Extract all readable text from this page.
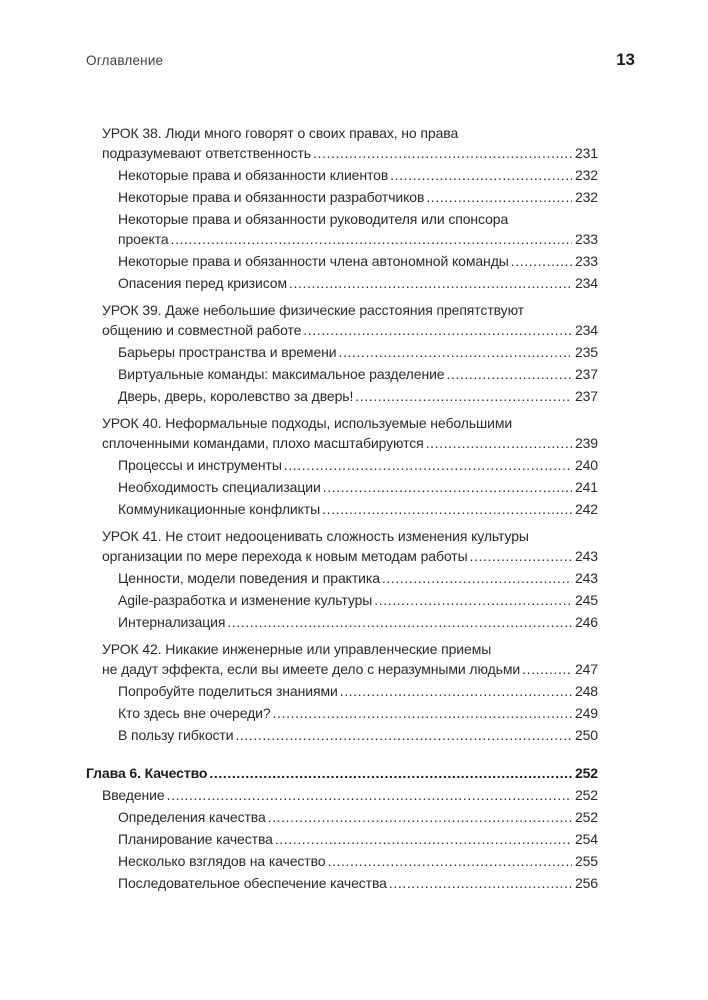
Оглавление	13
УРОК 38. Люди много говорят о своих правах, но права
подразумевают ответственность .....	231
Некоторые права и обязанности клиентов .....	232
Некоторые права и обязанности разработчиков .....	232
Некоторые права и обязанности руководителя или спонсора
проекта .....	233
Некоторые права и обязанности члена автономной команды .....	233
Опасения перед кризисом .....	234
УРОК 39. Даже небольшие физические расстояния препятствуют
общению и совместной работе .....	234
Барьеры пространства и времени .....	235
Виртуальные команды: максимальное разделение .....	237
Дверь, дверь, королевство за дверь! .....	237
УРОК 40. Неформальные подходы, используемые небольшими
сплоченными командами, плохо масштабируются .....	239
Процессы и инструменты .....	240
Необходимость специализации .....	241
Коммуникационные конфликты .....	242
УРОК 41. Не стоит недооценивать сложность изменения культуры
организации по мере перехода к новым методам работы .....	243
Ценности, модели поведения и практика .....	243
Agile-разработка и изменение культуры .....	245
Интернализация .....	246
УРОК 42. Никакие инженерные или управленческие приемы
не дадут эффекта, если вы имеете дело с неразумными людьми .....	247
Попробуйте поделиться знаниями .....	248
Кто здесь вне очереди? .....	249
В пользу гибкости .....	250
Глава 6. Качество .....	252
Введение .....	252
Определения качества .....	252
Планирование качества .....	254
Несколько взглядов на качество .....	255
Последовательное обеспечение качества .....	256
